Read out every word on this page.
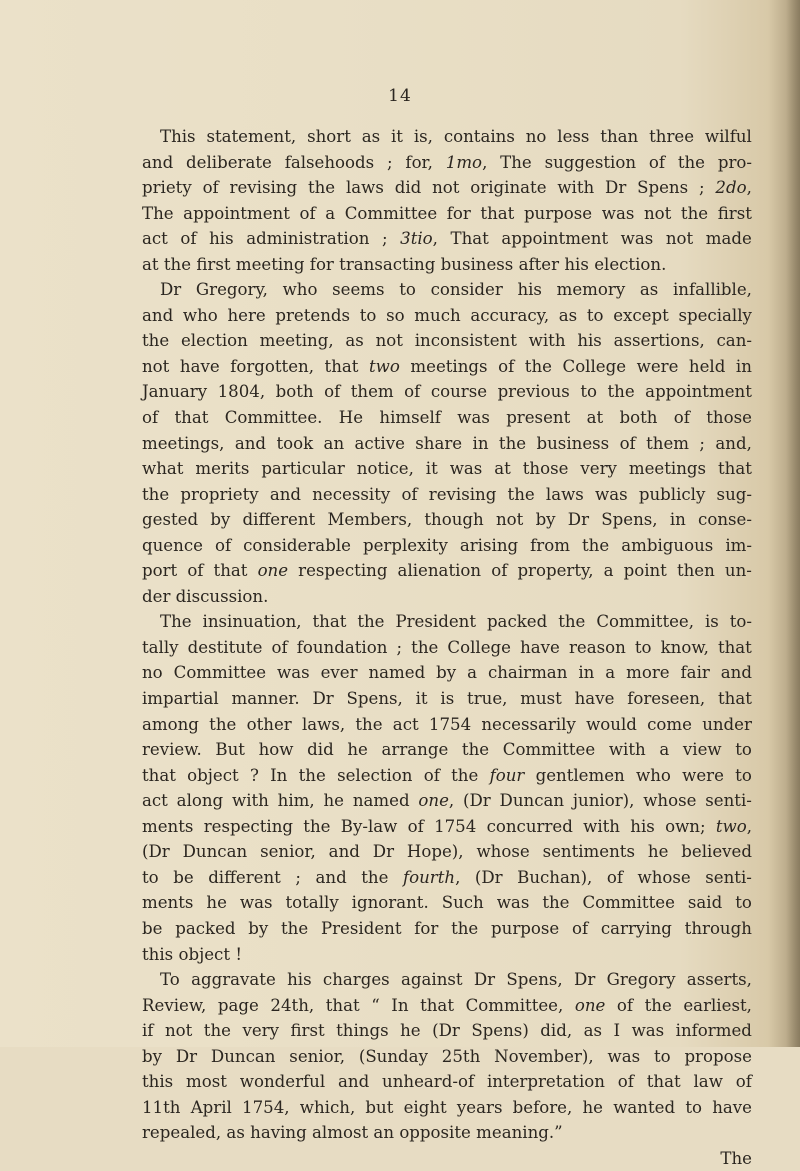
14
This statement, short as it is, contains no less than three wilful
and deliberate falsehoods ; for, 1mo, The suggestion of the pro-
priety of revising the laws did not originate with Dr Spens ; 2do,
The appointment of a Committee for that purpose was not the first
act of his administration ; 3tio, That appointment was not made
at the first meeting for transacting business after his election.
Dr Gregory, who seems to consider his memory as infallible,
and who here pretends to so much accuracy, as to except specially
the election meeting, as not inconsistent with his assertions, can-
not have forgotten, that two meetings of the College were held in
January 1804, both of them of course previous to the appointment
of that Committee. He himself was present at both of those
meetings, and took an active share in the business of them ; and,
what merits particular notice, it was at those very meetings that
the propriety and necessity of revising the laws was publicly sug-
gested by different Members, though not by Dr Spens, in conse-
quence of considerable perplexity arising from the ambiguous im-
port of that one respecting alienation of property, a point then un-
der discussion.
The insinuation, that the President packed the Committee, is to-
tally destitute of foundation ; the College have reason to know, that
no Committee was ever named by a chairman in a more fair and
impartial manner. Dr Spens, it is true, must have foreseen, that
among the other laws, the act 1754 necessarily would come under
review. But how did he arrange the Committee with a view to
that object ? In the selection of the four gentlemen who were to
act along with him, he named one, (Dr Duncan junior), whose senti-
ments respecting the By-law of 1754 concurred with his own; two,
(Dr Duncan senior, and Dr Hope), whose sentiments he believed
to be different ; and the fourth, (Dr Buchan), of whose senti-
ments he was totally ignorant. Such was the Committee said to
be packed by the President for the purpose of carrying through
this object !
To aggravate his charges against Dr Spens, Dr Gregory asserts,
Review, page 24th, that “ In that Committee, one of the earliest,
if not the very first things he (Dr Spens) did, as I was informed
by Dr Duncan senior, (Sunday 25th November), was to propose
this most wonderful and unheard-of interpretation of that law of
11th April 1754, which, but eight years before, he wanted to have
repealed, as having almost an opposite meaning.”
The
